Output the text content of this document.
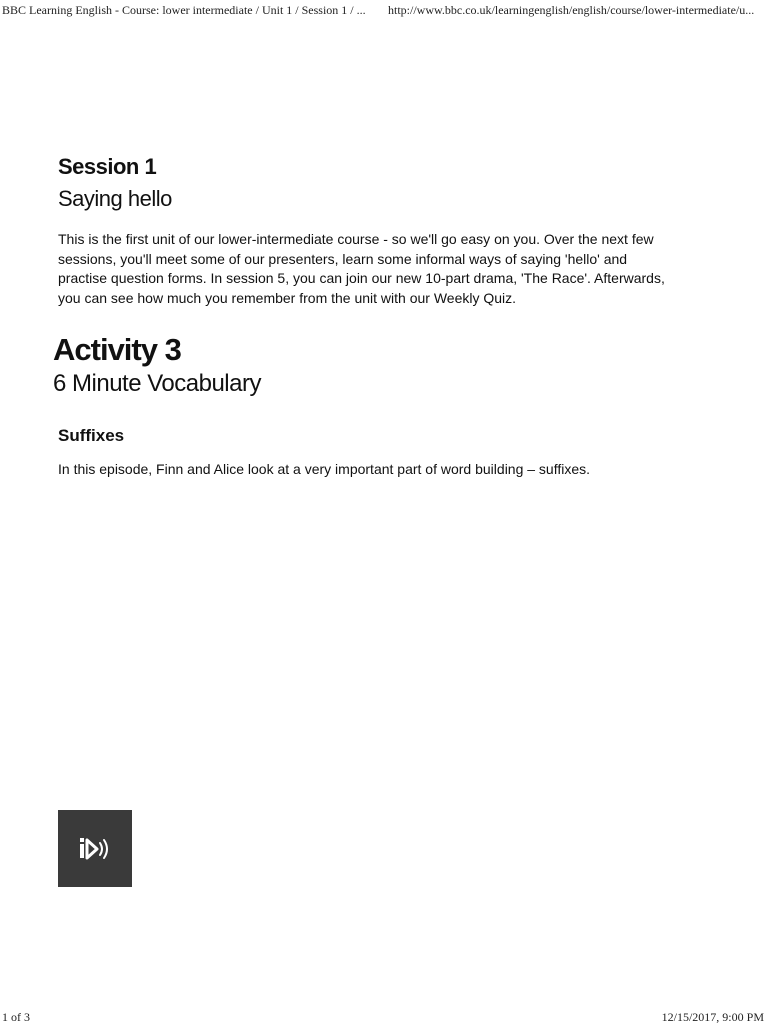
BBC Learning English - Course: lower intermediate / Unit 1 / Session 1 / ...	http://www.bbc.co.uk/learningenglish/english/course/lower-intermediate/u...
Session 1
Saying hello

This is the first unit of our lower-intermediate course - so we'll go easy on you. Over the next few sessions, you'll meet some of our presenters, learn some informal ways of saying 'hello' and practise question forms. In session 5, you can join our new 10-part drama, 'The Race'. Afterwards, you can see how much you remember from the unit with our Weekly Quiz.

Activity 3
6 Minute Vocabulary
Suffixes

In this episode, Finn and Alice look at a very important part of word building – suffixes.

1 of 3	12/15/2017, 9:00 PM
